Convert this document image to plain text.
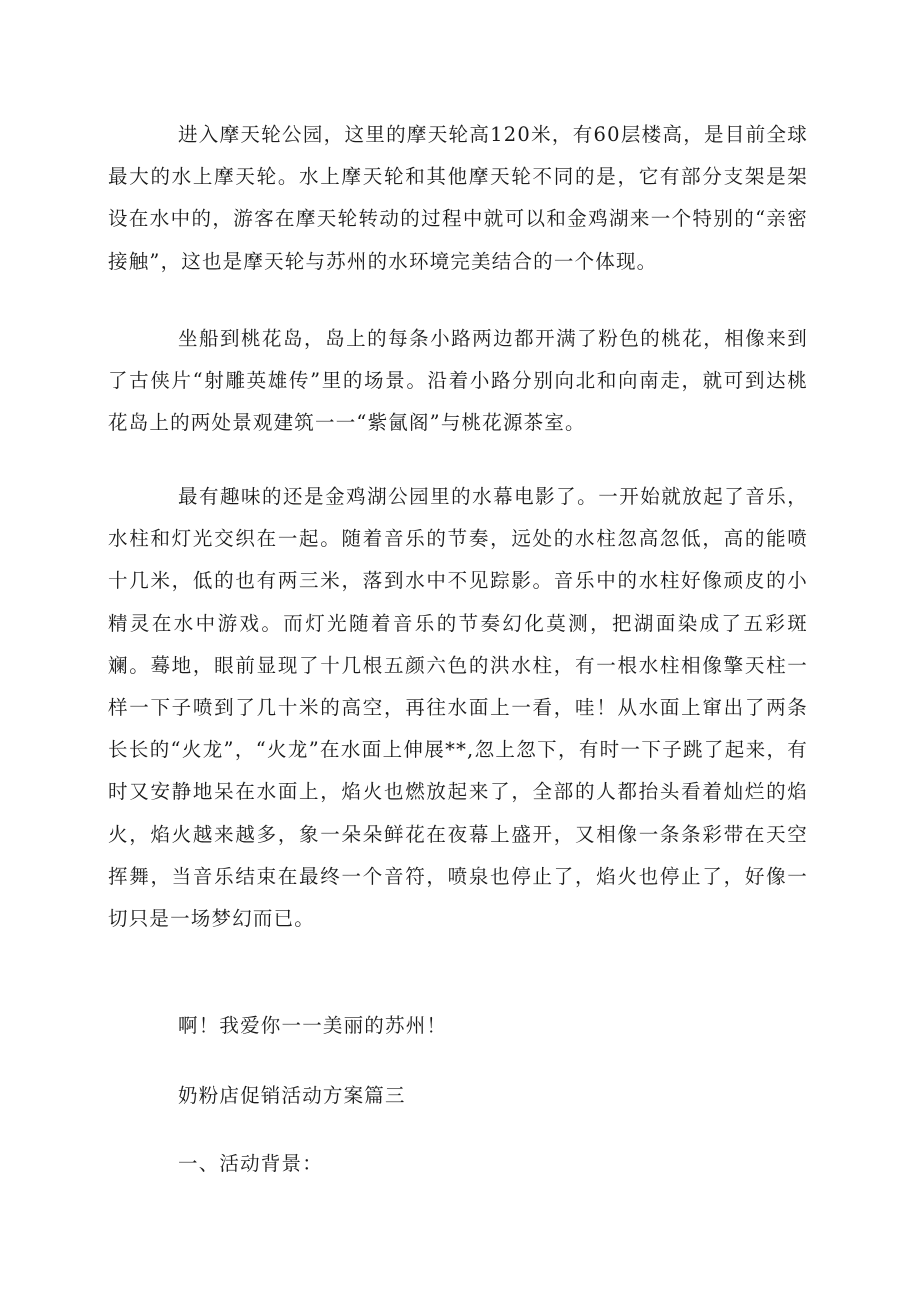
进入摩天轮公园，这里的摩天轮高120米，有60层楼高，是目前全球最大的水上摩天轮。水上摩天轮和其他摩天轮不同的是，它有部分支架是架设在水中的，游客在摩天轮转动的过程中就可以和金鸡湖来一个特别的“亲密接触”，这也是摩天轮与苏州的水环境完美结合的一个体现。

坐船到桃花岛，岛上的每条小路两边都开满了粉色的桃花，相像来到了古侠片“射雕英雄传”里的场景。沿着小路分别向北和向南走，就可到达桃花岛上的两处景观建筑一一“紫氤阁”与桃花源茶室。

最有趣味的还是金鸡湖公园里的水幕电影了。一开始就放起了音乐，水柱和灯光交织在一起。随着音乐的节奏，远处的水柱忽高忽低，高的能喷十几米，低的也有两三米，落到水中不见踪影。音乐中的水柱好像顽皮的小精灵在水中游戏。而灯光随着音乐的节奏幻化莫测，把湖面染成了五彩斑斓。蓦地，眼前显现了十几根五颜六色的洪水柱，有一根水柱相像擎天柱一样一下子喷到了几十米的高空，再往水面上一看，哇！从水面上窜出了两条长长的“火龙”，“火龙”在水面上伸展**,忽上忽下，有时一下子跳了起来，有时又安静地呆在水面上，焰火也燃放起来了，全部的人都抬头看着灿烂的焰火，焰火越来越多，象一朵朵鲜花在夜幕上盛开，又相像一条条彩带在天空挥舞，当音乐结束在最终一个音符，喷泉也停止了，焰火也停止了，好像一切只是一场梦幻而已。

啊！我爱你一一美丽的苏州！

奶粉店促销活动方案篇三

一、活动背景：
